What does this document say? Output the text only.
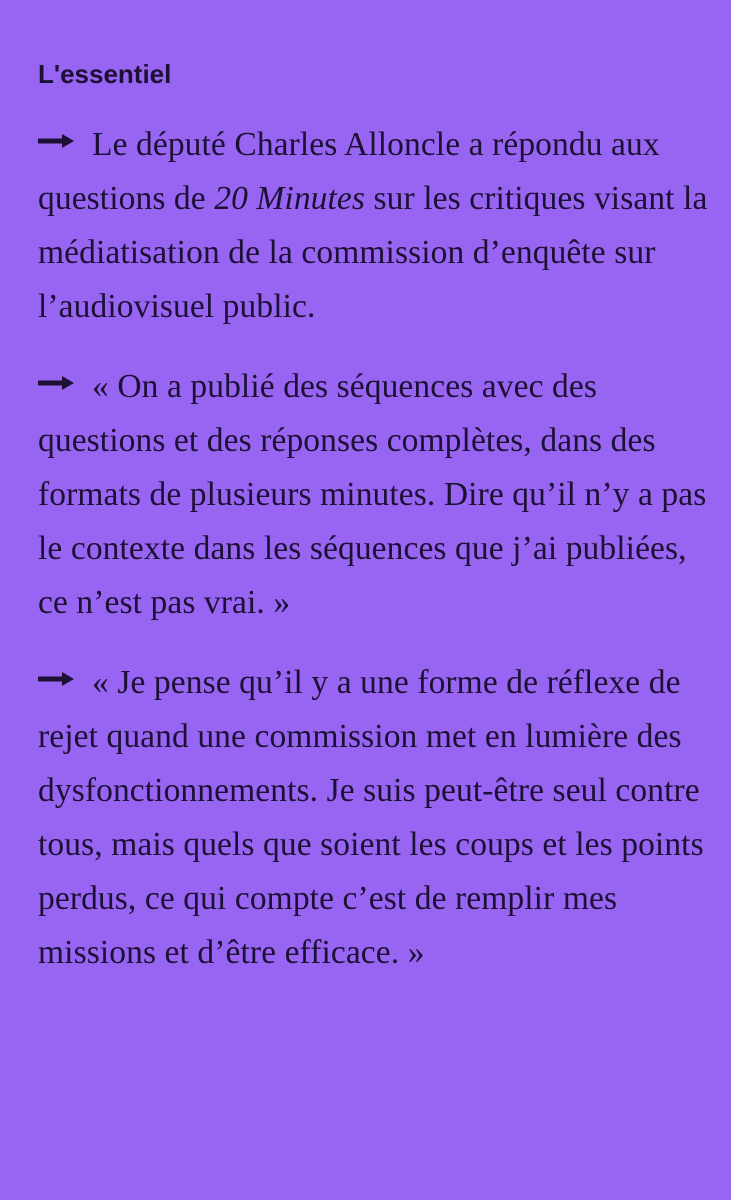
L'essentiel

Le député Charles Allonclе a répondu aux questions de 20 Minutes sur les critiques visant la médiatisation de la commission d’enquête sur l’audiovisuel public.

« On a publié des séquences avec des questions et des réponses complètes, dans des formats de plusieurs minutes. Dire qu’il n’y a pas le contexte dans les séquences que j’ai publiées, ce n’est pas vrai. »

« Je pense qu’il y a une forme de réflexe de rejet quand une commission met en lumière des dysfonctionnements. Je suis peut-être seul contre tous, mais quels que soient les coups et les points perdus, ce qui compte c’est de remplir mes missions et d’être efficace. »
